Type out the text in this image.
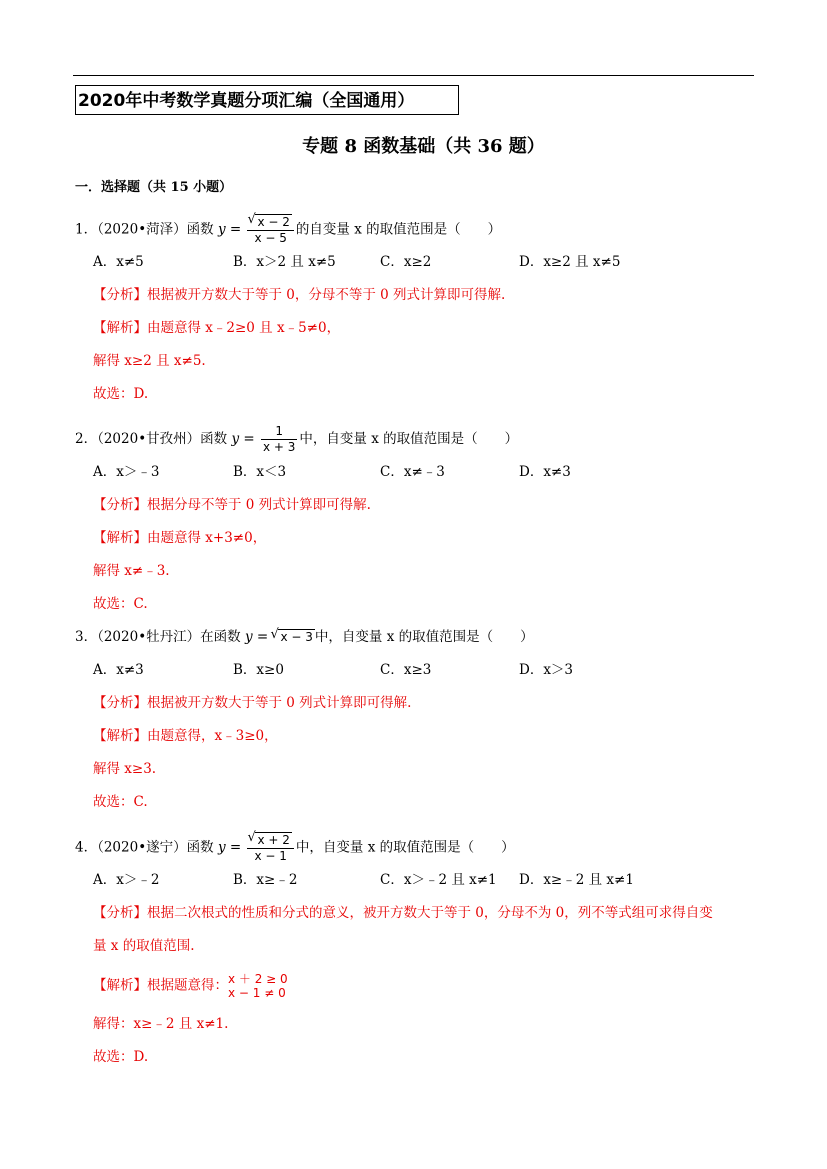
2020年中考数学真题分项汇编（全国通用）
专题 8 函数基础（共 36 题）
一．选择题（共 15 小题）
1．（2020•菏泽）函数 y = √ $\frac{x - 2}{x - 5}$ 的自变量 x 的取值范围是（　　）
A．x≠5	B．x＞2 且 x≠5	C．x≥2	D．x≥2 且 x≠5
【分析】根据被开方数大于等于 0，分母不等于 0 列式计算即可得解.
【解析】由题意得 x﹣2≥0 且 x﹣5≠0，
解得 x≥2 且 x≠5.
故选：D.
2．（2020•甘孜州）函数 $y = \frac{1}{x + 3}$ 中，自变量 x 的取值范围是（　　）
A．x＞﹣3	B．x＜3	C．x≠﹣3	D．x≠3
【分析】根据分母不等于 0 列式计算即可得解.
【解析】由题意得 x+3≠0，
解得 x≠﹣3.
故选：C.
3．（2020•牡丹江）在函数 y = √ x − 3 中，自变量 x 的取值范围是（　　）
A．x≠3	B．x≥0	C．x≥3	D．x＞3
【分析】根据被开方数大于等于 0 列式计算即可得解.
【解析】由题意得，x﹣3≥0，
解得 x≥3.
故选：C.
4．（2020•遂宁）函数 y = √ $\frac{x + 2}{x - 1}$ 中，自变量 x 的取值范围是（　　）
A．x＞﹣2	B．x≥﹣2	C．x＞﹣2 且 x≠1 D．x≥﹣2 且 x≠1
【分析】根据二次根式的性质和分式的意义，被开方数大于等于 0，分母不为 0，列不等式组可求得自变
量 x 的取值范围.
【解析】根据题意得： x ＋ 2 ≥ 0
x − 1 ≠ 0
解得：x≥﹣2 且 x≠1.
故选：D.
